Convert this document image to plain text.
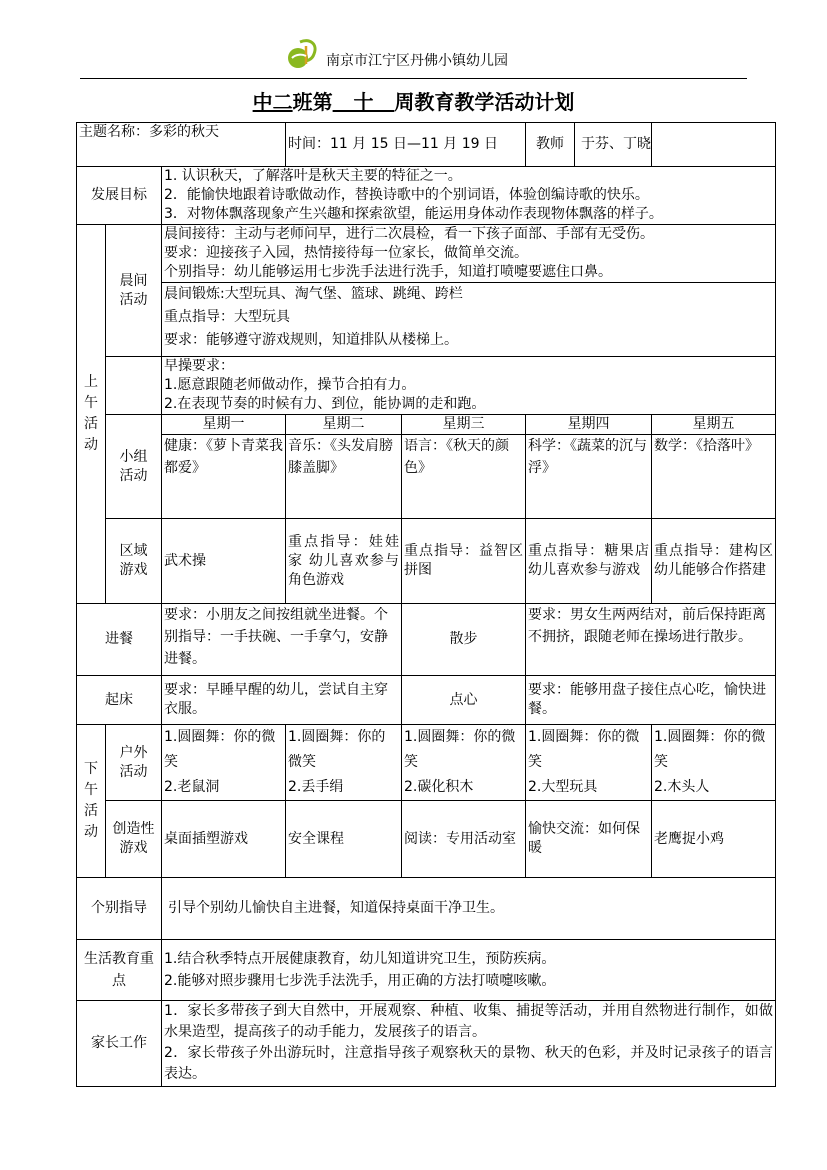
南京市江宁区丹佛小镇幼儿园
中二班第 十 周教育教学活动计划
主题名称：多彩的秋天			时间：11 月 15 日—11 月 19 日		教师 于芬、丁晓	

发展目标		1. 认识秋天，了解落叶是秋天主要的特征之一。
2．能愉快地跟着诗歌做动作，替换诗歌中的个别词语，体验创编诗歌的快乐。
3．对物体飘落现象产生兴趣和探索欲望，能运用身体动作表现物体飘落的样子。				

上午活动	晨间活动	晨间接待：主动与老师问早，进行二次晨检，看一下孩子面部、手部有无受伤。
要求：迎接孩子入园，热情接待每一位家长，做简单交流。
个别指导：幼儿能够运用七步洗手法进行洗手，知道打喷嚏要遮住口鼻。				

		晨间锻炼:大型玩具、淘气堡、篮球、跳绳、跨栏
重点指导：大型玩具
要求：能够遵守游戏规则，知道排队从楼梯上。				

		早操要求：
1.愿意跟随老师做动作，操节合拍有力。
2.在表现节奏的时候有力、到位，能协调的走和跑。				

	小组活动	星期一	星期二	星期三	星期四	星期五
		健康：《萝卜青菜我都爱》	音乐：《头发肩膀膝盖脚》	语言：《秋天的颜色》	科学：《蔬菜的沉与浮》	数学：《拾落叶》

	区域游戏	武术操	重点指导：娃娃家 幼儿喜欢参与角色游戏	重点指导：益智区 拼图	重点指导：糖果店 幼儿喜欢参与游戏	重点指导：建构区 幼儿能够合作搭建
进餐		要求：小朋友之间按组就坐进餐。个别指导：一手扶碗、一手拿勺，安静进餐。		散步	要求：男女生两两结对，前后保持距离不拥挤，跟随老师在操场进行散步。	
起床		要求：早睡早醒的幼儿，尝试自主穿衣服。		点心	要求：能够用盘子接住点心吃，愉快进餐。	

下午活动	户外活动	1.圆圈舞：你的微笑
2.老鼠洞	1.圆圈舞：你的微笑
2.丢手绢	1.圆圈舞：你的微笑
2.碳化积木	1.圆圈舞：你的微笑
2.大型玩具	1.圆圈舞：你的微笑
2.木头人

	创造性游戏	桌面插塑游戏	安全课程	阅读：专用活动室	愉快交流：如何保暖	老鹰捉小鸡
个别指导		引导个别幼儿愉快自主进餐，知道保持桌面干净卫生。				

生活教育重点		1.结合秋季特点开展健康教育，幼儿知道讲究卫生，预防疾病。
2.能够对照步骤用七步洗手法洗手，用正确的方法打喷嚏咳嗽。				

家长工作		1．家长多带孩子到大自然中，开展观察、种植、收集、捕捉等活动，并用自然物进行制作，如做水果造型，提高孩子的动手能力，发展孩子的语言。
2．家长带孩子外出游玩时，注意指导孩子观察秋天的景物、秋天的色彩，并及时记录孩子的语言表达。				
